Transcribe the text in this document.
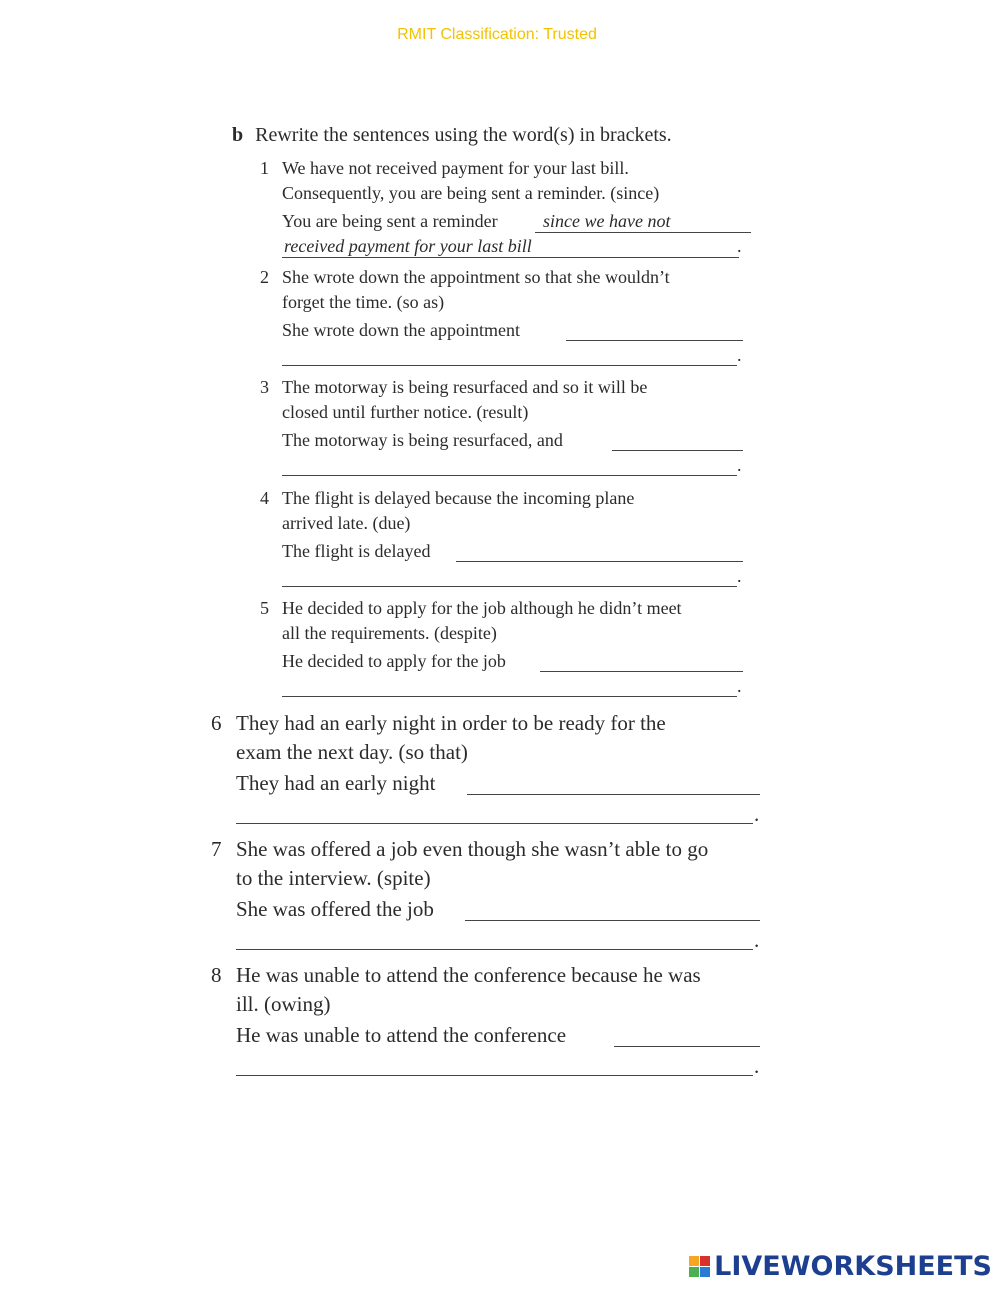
RMIT Classification: Trusted
b Rewrite the sentences using the word(s) in brackets.
1 We have not received payment for your last bill.
Consequently, you are being sent a reminder. (since)
You are being sent a reminder	since we have not
received payment for your last bill	.
2 She wrote down the appointment so that she wouldn’t
forget the time. (so as)
She wrote down the appointment
.
3 The motorway is being resurfaced and so it will be
closed until further notice. (result)
The motorway is being resurfaced, and
.
4 The flight is delayed because the incoming plane
arrived late. (due)
The flight is delayed
.
5 He decided to apply for the job although he didn’t meet
all the requirements. (despite)
He decided to apply for the job
.
6 They had an early night in order to be ready for the
exam the next day. (so that)
They had an early night
.
7 She was offered a job even though she wasn’t able to go
to the interview. (spite)
She was offered the job
.
8 He was unable to attend the conference because he was
ill. (owing)
He was unable to attend the conference
.
LIVEWORKSHEETS
